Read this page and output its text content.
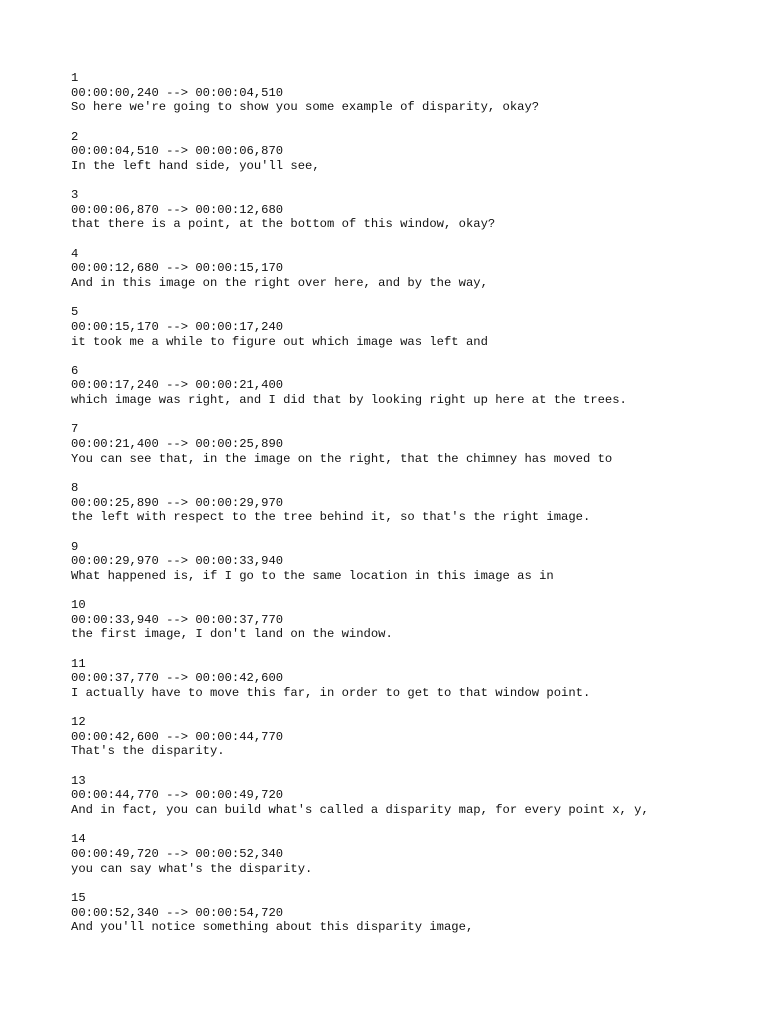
1
00:00:00,240 --> 00:00:04,510
So here we're going to show you some example of disparity, okay?
2
00:00:04,510 --> 00:00:06,870
In the left hand side, you'll see,
3
00:00:06,870 --> 00:00:12,680
that there is a point, at the bottom of this window, okay?
4
00:00:12,680 --> 00:00:15,170
And in this image on the right over here, and by the way,
5
00:00:15,170 --> 00:00:17,240
it took me a while to figure out which image was left and
6
00:00:17,240 --> 00:00:21,400
which image was right, and I did that by looking right up here at the trees.
7
00:00:21,400 --> 00:00:25,890
You can see that, in the image on the right, that the chimney has moved to
8
00:00:25,890 --> 00:00:29,970
the left with respect to the tree behind it, so that's the right image.
9
00:00:29,970 --> 00:00:33,940
What happened is, if I go to the same location in this image as in
10
00:00:33,940 --> 00:00:37,770
the first image, I don't land on the window.
11
00:00:37,770 --> 00:00:42,600
I actually have to move this far, in order to get to that window point.
12
00:00:42,600 --> 00:00:44,770
That's the disparity.
13
00:00:44,770 --> 00:00:49,720
And in fact, you can build what's called a disparity map, for every point x, y,
14
00:00:49,720 --> 00:00:52,340
you can say what's the disparity.
15
00:00:52,340 --> 00:00:54,720
And you'll notice something about this disparity image,
